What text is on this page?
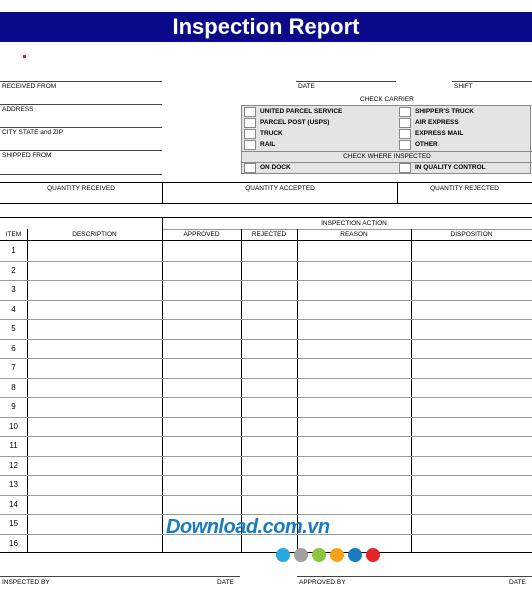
Inspection Report
RECEIVED FROM	DATE	SHIFT
ADDRESS
CITY STATE and ZIP
SHIPPED FROM
CHECK CARRIER
UNITED PARCEL SERVICE	SHIPPER'S TRUCK
PARCEL POST (USPS)	AIR EXPRESS
TRUCK	EXPRESS MAIL
RAIL	OTHER
CHECK WHERE INSPECTED
ON DOCK	IN QUALITY CONTROL
QUANTITY RECEIVED	QUANTITY ACCEPTED	QUANTITY REJECTED
INSPECTION ACTION
ITEM	DESCRIPTION	APPROVED	REJECTED	REASON	DISPOSITION
1
2
3
4
5
6
7
8
9
10
11
12
13
14
15
16
INSPECTED BY	DATE	APPROVED BY	DATE
Download.com.vn
